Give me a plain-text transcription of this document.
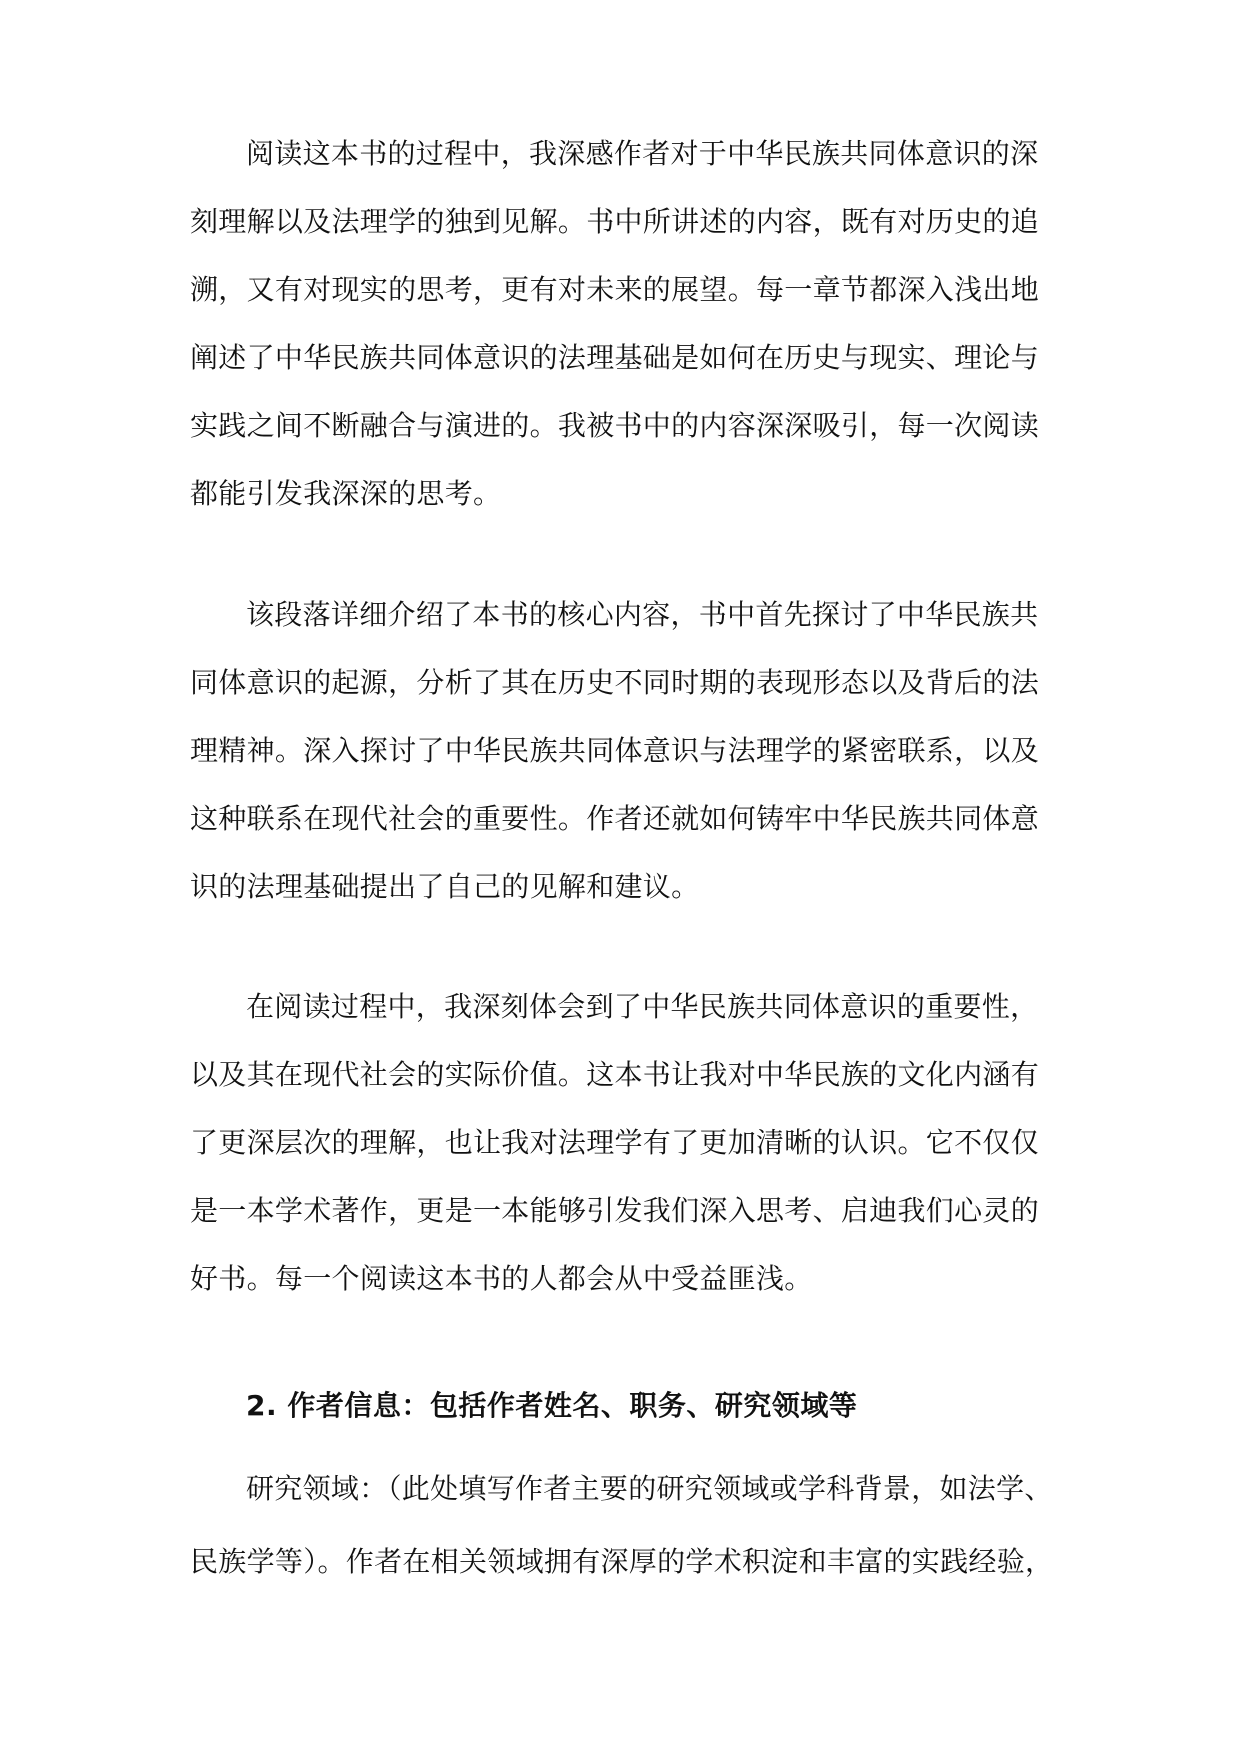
阅读这本书的过程中，我深感作者对于中华民族共同体意识的深
刻理解以及法理学的独到见解。书中所讲述的内容，既有对历史的追
溯，又有对现实的思考，更有对未来的展望。每一章节都深入浅出地
阐述了中华民族共同体意识的法理基础是如何在历史与现实、理论与
实践之间不断融合与演进的。我被书中的内容深深吸引，每一次阅读
都能引发我深深的思考。
该段落详细介绍了本书的核心内容，书中首先探讨了中华民族共
同体意识的起源，分析了其在历史不同时期的表现形态以及背后的法
理精神。深入探讨了中华民族共同体意识与法理学的紧密联系，以及
这种联系在现代社会的重要性。作者还就如何铸牢中华民族共同体意
识的法理基础提出了自己的见解和建议。
在阅读过程中，我深刻体会到了中华民族共同体意识的重要性，
以及其在现代社会的实际价值。这本书让我对中华民族的文化内涵有
了更深层次的理解，也让我对法理学有了更加清晰的认识。它不仅仅
是一本学术著作，更是一本能够引发我们深入思考、启迪我们心灵的
好书。每一个阅读这本书的人都会从中受益匪浅。
2. 作者信息：包括作者姓名、职务、研究领域等
研究领域：（此处填写作者主要的研究领域或学科背景，如法学、
民族学等）。作者在相关领域拥有深厚的学术积淀和丰富的实践经验，
